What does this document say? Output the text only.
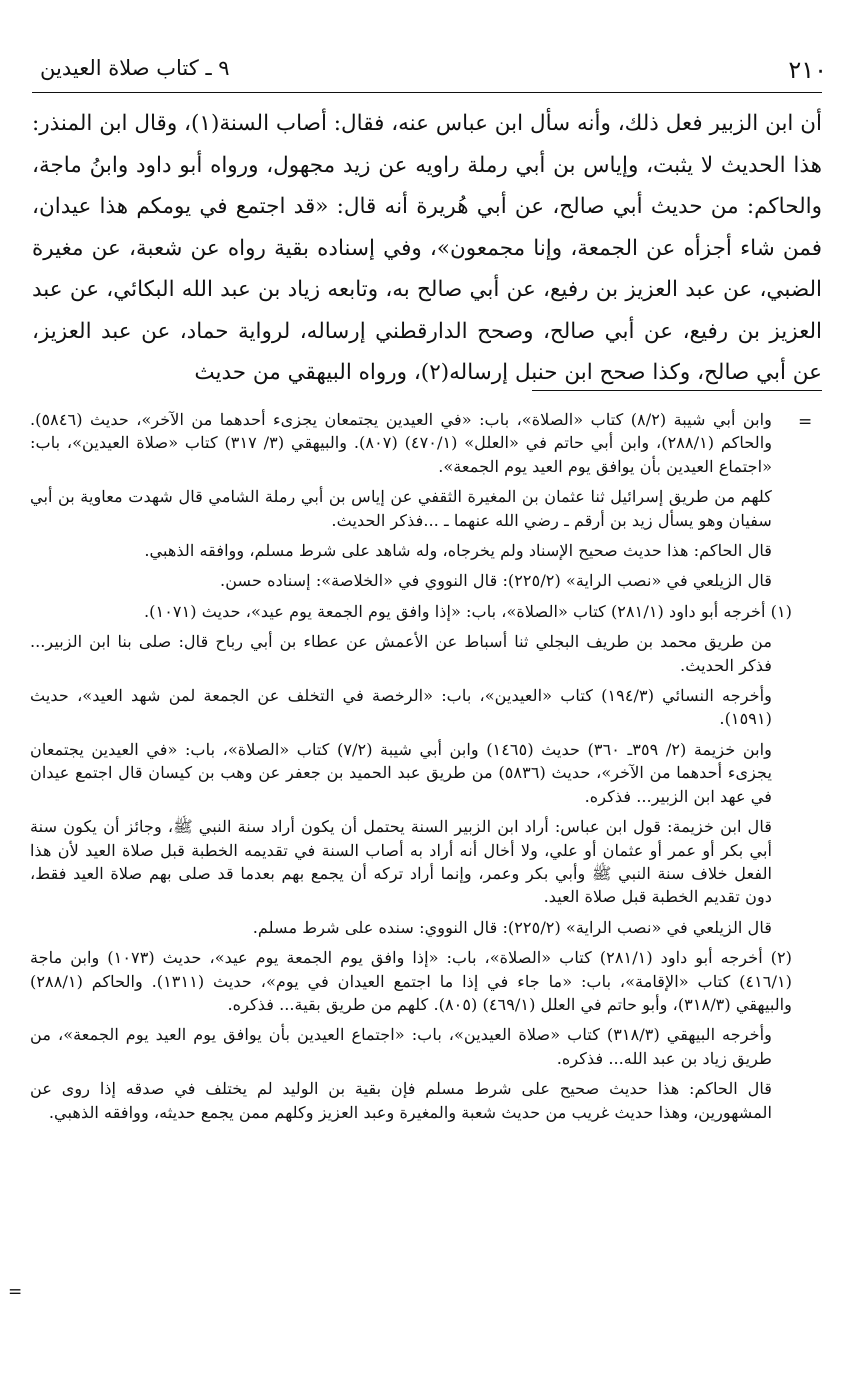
٢١٠
٩ ـ كتاب صلاة العيدين

أن ابن الزبير فعل ذلك، وأنه سأل ابن عباس عنه، فقال: أصاب السنة(١)، وقال ابن المنذر: هذا الحديث لا يثبت، وإياس بن أبي رملة راويه عن زيد مجهول، ورواه أبو داود وابنُ ماجة، والحاكم: من حديث أبي صالح، عن أبي هُريرة أنه قال: «قد اجتمع في يومكم هذا عيدان، فمن شاء أجزأه عن الجمعة، وإنا مجمعون»، وفي إسناده بقية رواه عن شعبة، عن مغيرة الضبي، عن عبد العزيز بن رفيع، عن أبي صالح به، وتابعه زياد بن عبد الله البكائي، عن عبد العزيز بن رفيع، عن أبي صالح، وصحح الدارقطني إرساله، لرواية حماد، عن عبد العزيز، عن أبي صالح، وكذا صحح ابن حنبل إرساله(٢)، ورواه البيهقي من حديث

=

وابن أبي شيبة (٨/٢) كتاب «الصلاة»، باب: «في العيدين يجتمعان يجزىء أحدهما من الآخر»، حديث (٥٨٤٦). والحاكم (٢٨٨/١)، وابن أبي حاتم في «العلل» (٤٧٠/١) (٨٠٧). والبيهقي (٣/ ٣١٧) كتاب «صلاة العيدين»، باب: «اجتماع العيدين بأن يوافق يوم العيد يوم الجمعة».

كلهم من طريق إسرائيل ثنا عثمان بن المغيرة الثقفي عن إياس بن أبي رملة الشامي قال شهدت معاوية بن أبي سفيان وهو يسأل زيد بن أرقم ـ رضي الله عنهما ـ ...فذكر الحديث.

قال الحاكم: هذا حديث صحيح الإسناد ولم يخرجاه، وله شاهد على شرط مسلم، ووافقه الذهبي.

قال الزيلعي في «نصب الراية» (٢٢٥/٢): قال النووي في «الخلاصة»: إسناده حسن.

(١) أخرجه أبو داود (٢٨١/١) كتاب «الصلاة»، باب: «إذا وافق يوم الجمعة يوم عيد»، حديث (١٠٧١).

من طريق محمد بن طريف البجلي ثنا أسباط عن الأعمش عن عطاء بن أبي رباح قال: صلى بنا ابن الزبير... فذكر الحديث.

وأخرجه النسائي (١٩٤/٣) كتاب «العيدين»، باب: «الرخصة في التخلف عن الجمعة لمن شهد العيد»، حديث (١٥٩١).

وابن خزيمة (٢/ ٣٥٩ـ ٣٦٠) حديث (١٤٦٥) وابن أبي شيبة (٧/٢) كتاب «الصلاة»، باب: «في العيدين يجتمعان يجزىء أحدهما من الآخر»، حديث (٥٨٣٦) من طريق عبد الحميد بن جعفر عن وهب بن كيسان قال اجتمع عيدان في عهد ابن الزبير... فذكره.

قال ابن خزيمة: قول ابن عباس: أراد ابن الزبير السنة يحتمل أن يكون أراد سنة النبي ﷺ، وجائز أن يكون سنة أبي بكر أو عمر أو عثمان أو علي، ولا أخال أنه أراد به أصاب السنة في تقديمه الخطبة قبل صلاة العيد لأن هذا الفعل خلاف سنة النبي ﷺ وأبي بكر وعمر، وإنما أراد تركه أن يجمع بهم بعدما قد صلى بهم صلاة العيد فقط، دون تقديم الخطبة قبل صلاة العيد.

قال الزيلعي في «نصب الراية» (٢٢٥/٢): قال النووي: سنده على شرط مسلم.

(٢) أخرجه أبو داود (٢٨١/١) كتاب «الصلاة»، باب: «إذا وافق يوم الجمعة يوم عيد»، حديث (١٠٧٣) وابن ماجة (٤١٦/١) كتاب «الإقامة»، باب: «ما جاء في إذا ما اجتمع العيدان في يوم»، حديث (١٣١١). والحاكم (٢٨٨/١) والبيهقي (٣١٨/٣)، وأبو حاتم في العلل (٤٦٩/١) (٨٠٥). كلهم من طريق بقية... فذكره.

وأخرجه البيهقي (٣١٨/٣) كتاب «صلاة العيدين»، باب: «اجتماع العيدين بأن يوافق يوم العيد يوم الجمعة»، من طريق زياد بن عبد الله... فذكره.

قال الحاكم: هذا حديث صحيح على شرط مسلم فإن بقية بن الوليد لم يختلف في صدقه إذا روى عن المشهورين، وهذا حديث غريب من حديث شعبة والمغيرة وعبد العزيز وكلهم ممن يجمع حديثه، ووافقه الذهبي.

=
